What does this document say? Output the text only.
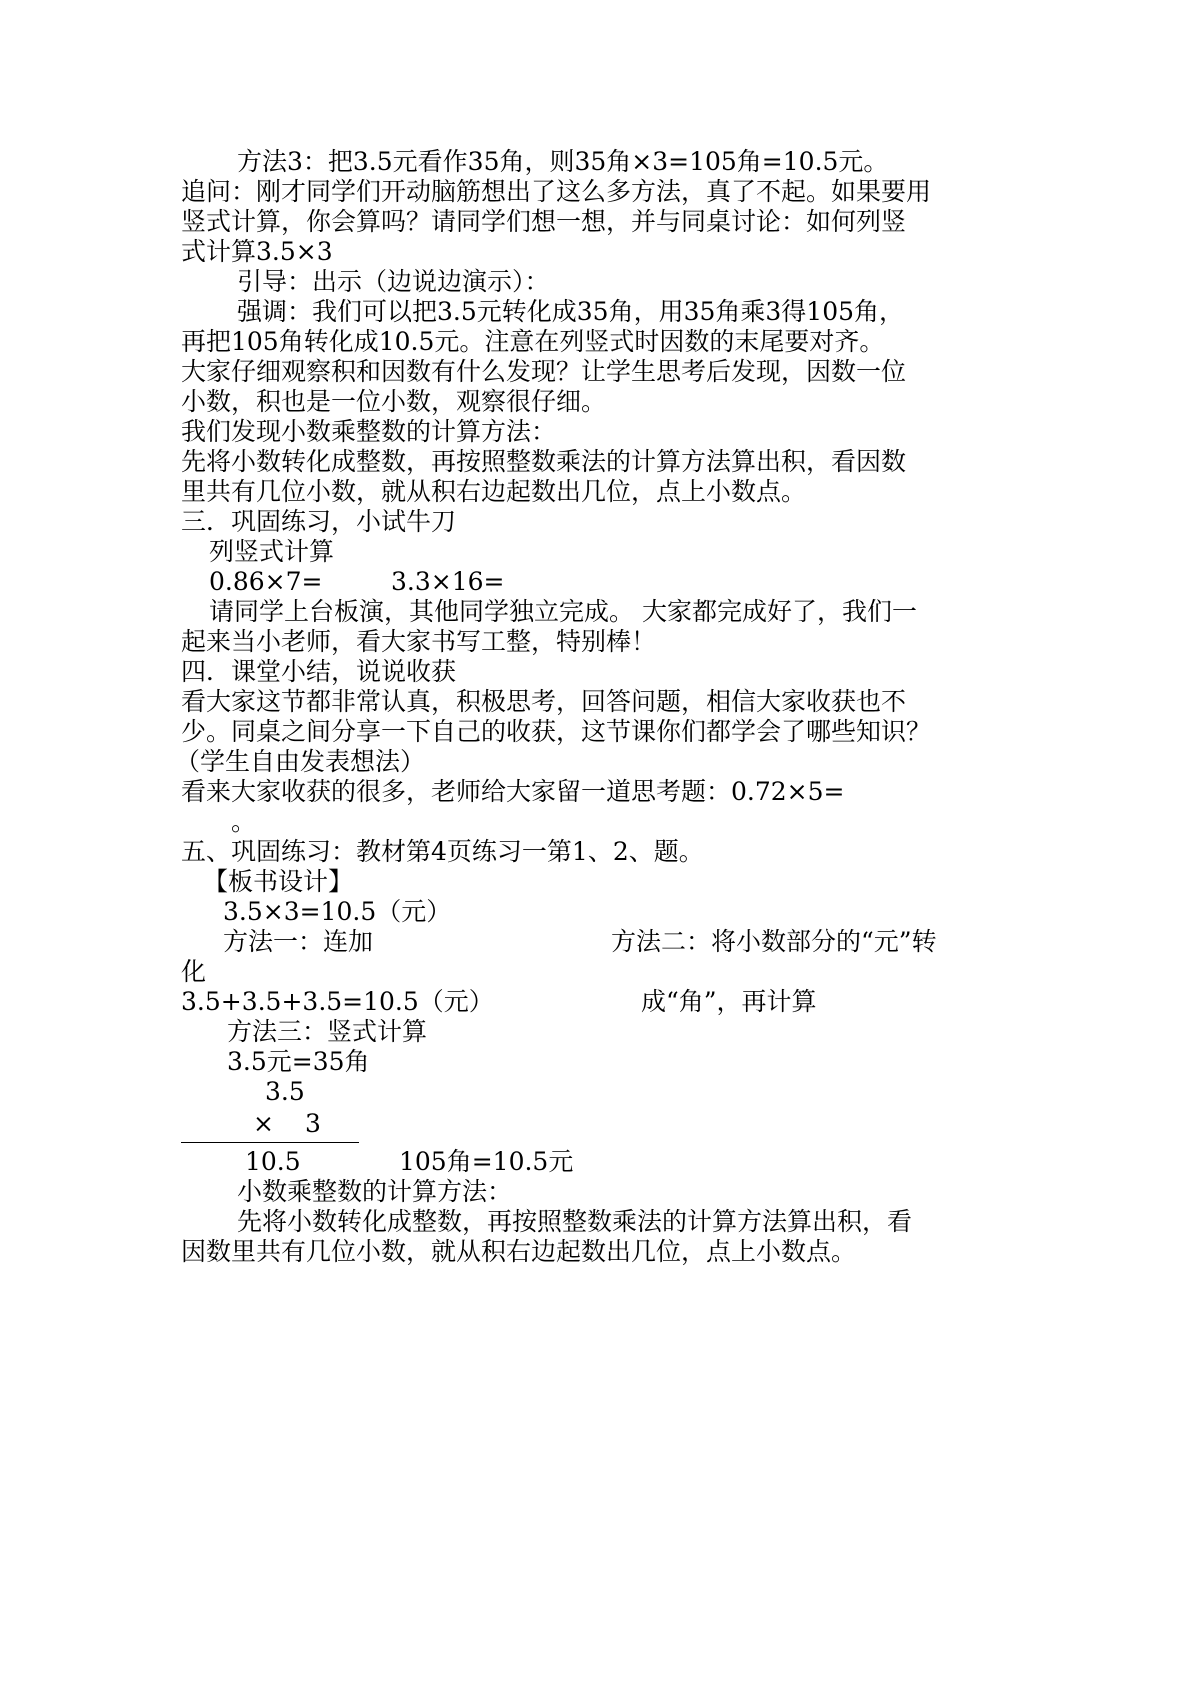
方法3：把3.5元看作35角，则35角×3=105角=10.5元。
追问：刚才同学们开动脑筋想出了这么多方法，真了不起。如果要用
竖式计算，你会算吗？请同学们想一想，并与同桌讨论：如何列竖
式计算3.5×3
引导：出示（边说边演示）：
强调：我们可以把3.5元转化成35角，用35角乘3得105角，
再把105角转化成10.5元。注意在列竖式时因数的末尾要对齐。
大家仔细观察积和因数有什么发现？让学生思考后发现，因数一位
小数，积也是一位小数，观察很仔细。
我们发现小数乘整数的计算方法：
先将小数转化成整数，再按照整数乘法的计算方法算出积，看因数
里共有几位小数，就从积右边起数出几位，点上小数点。
三．巩固练习，小试牛刀
列竖式计算
0.86×7=	3.3×16=
请同学上台板演，其他同学独立完成。 大家都完成好了，我们一
起来当小老师，看大家书写工整，特别棒！
四．课堂小结，说说收获
看大家这节都非常认真，积极思考，回答问题，相信大家收获也不
少。同桌之间分享一下自己的收获，这节课你们都学会了哪些知识？
（学生自由发表想法）
看来大家收获的很多，老师给大家留一道思考题：0.72×5=
。
五、巩固练习：教材第4页练习一第1、2、题。
【板书设计】
3.5×3=10.5（元）
方法一：连加	方法二：将小数部分的“元”转
化
3.5+3.5+3.5=10.5（元）	成“角”，再计算
方法三：竖式计算
3.5元=35角
3.5
× 3
10.5	105角=10.5元
小数乘整数的计算方法：
先将小数转化成整数，再按照整数乘法的计算方法算出积，看
因数里共有几位小数，就从积右边起数出几位，点上小数点。
